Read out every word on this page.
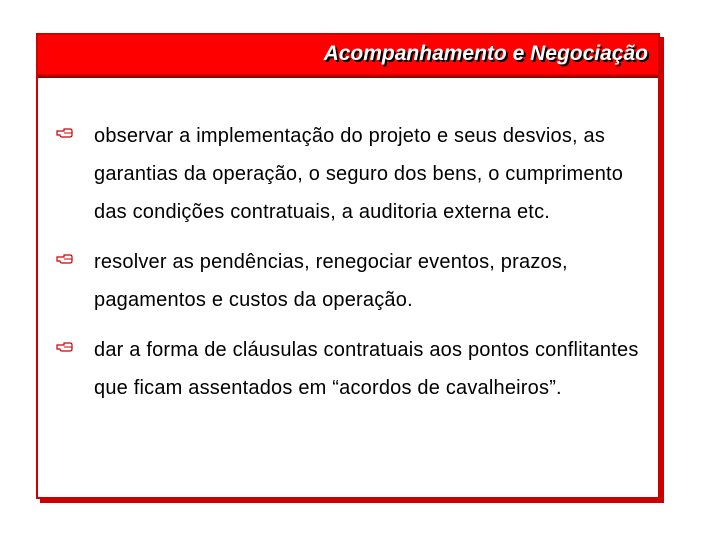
Acompanhamento e Negociação
observar a implementação do projeto e seus desvios, as garantias da operação, o seguro dos bens, o cumprimento das condições contratuais, a auditoria externa etc.
resolver as pendências, renegociar eventos, prazos, pagamentos e custos da operação.
dar a forma de cláusulas contratuais aos pontos conflitantes que ficam assentados em “acordos de cavalheiros”.
